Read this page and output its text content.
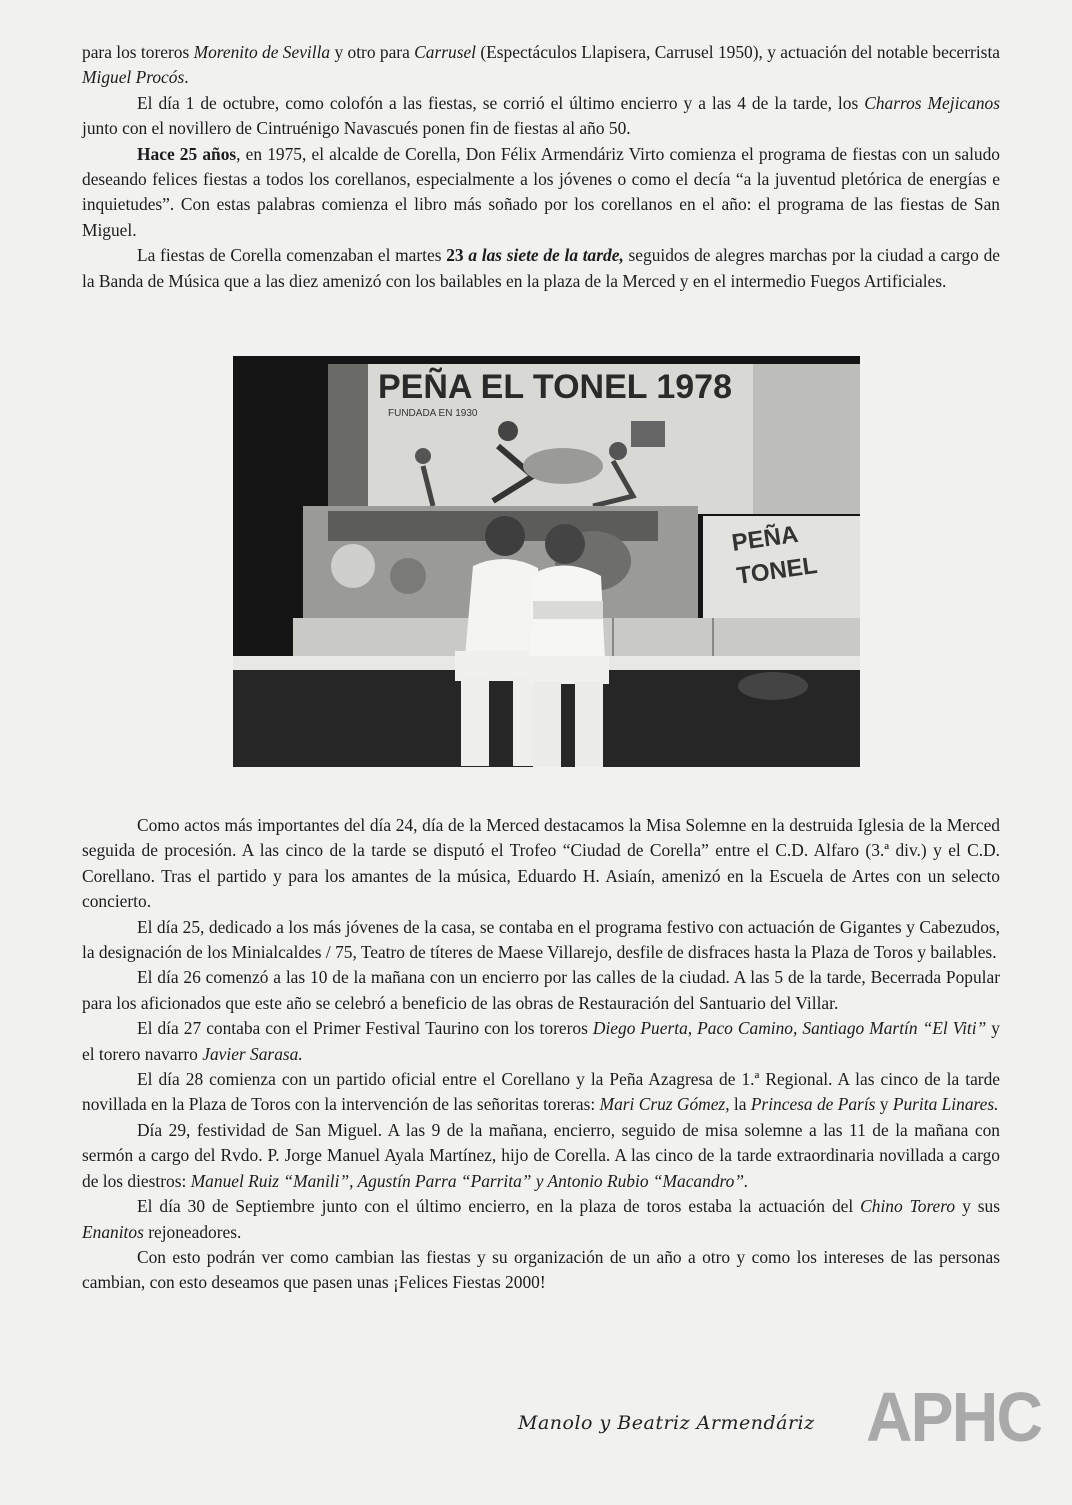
para los toreros Morenito de Sevilla y otro para Carrusel (Espectáculos Llapisera, Carrusel 1950), y actuación del notable becerrista Miguel Procós.

El día 1 de octubre, como colofón a las fiestas, se corrió el último encierro y a las 4 de la tarde, los Charros Mejicanos junto con el novillero de Cintruénigo Navascués ponen fin de fiestas al año 50.

Hace 25 años, en 1975, el alcalde de Corella, Don Félix Armendáriz Virto comienza el programa de fiestas con un saludo deseando felices fiestas a todos los corellanos, especialmente a los jóvenes o como el decía “a la juventud pletórica de energías e inquietudes”. Con estas palabras comienza el libro más soñado por los corellanos en el año: el programa de las fiestas de San Miguel.

La fiestas de Corella comenzaban el martes 23 a las siete de la tarde, seguidos de alegres marchas por la ciudad a cargo de la Banda de Música que a las diez amenizó con los bailables en la plaza de la Merced y en el intermedio Fuegos Artificiales.

PEÑA EL TONEL 1978
FUNDADA EN 1930
PEÑA
TONEL

Como actos más importantes del día 24, día de la Merced destacamos la Misa Solemne en la destruida Iglesia de la Merced seguida de procesión. A las cinco de la tarde se disputó el Trofeo “Ciudad de Corella” entre el C.D. Alfaro (3.ª div.) y el C.D. Corellano. Tras el partido y para los amantes de la música, Eduardo H. Asiaín, amenizó en la Escuela de Artes con un selecto concierto.

El día 25, dedicado a los más jóvenes de la casa, se contaba en el programa festivo con actuación de Gigantes y Cabezudos, la designación de los Minialcaldes / 75, Teatro de títeres de Maese Villarejo, desfile de disfraces hasta la Plaza de Toros y bailables.

El día 26 comenzó a las 10 de la mañana con un encierro por las calles de la ciudad. A las 5 de la tarde, Becerrada Popular para los aficionados que este año se celebró a beneficio de las obras de Restauración del Santuario del Villar.

El día 27 contaba con el Primer Festival Taurino con los toreros Diego Puerta, Paco Camino, Santiago Martín “El Viti” y el torero navarro Javier Sarasa.

El día 28 comienza con un partido oficial entre el Corellano y la Peña Azagresa de 1.ª Regional. A las cinco de la tarde novillada en la Plaza de Toros con la intervención de las señoritas toreras: Mari Cruz Gómez, la Princesa de París y Purita Linares.

Día 29, festividad de San Miguel. A las 9 de la mañana, encierro, seguido de misa solemne a las 11 de la mañana con sermón a cargo del Rvdo. P. Jorge Manuel Ayala Martínez, hijo de Corella. A las cinco de la tarde extraordinaria novillada a cargo de los diestros: Manuel Ruiz “Manili”, Agustín Parra “Parrita” y Antonio Rubio “Macandro”.

El día 30 de Septiembre junto con el último encierro, en la plaza de toros estaba la actuación del Chino Torero y sus Enanitos rejoneadores.

Con esto podrán ver como cambian las fiestas y su organización de un año a otro y como los intereses de las personas cambian, con esto deseamos que pasen unas ¡Felices Fiestas 2000!

Manolo y Beatriz Armendáriz APHC
